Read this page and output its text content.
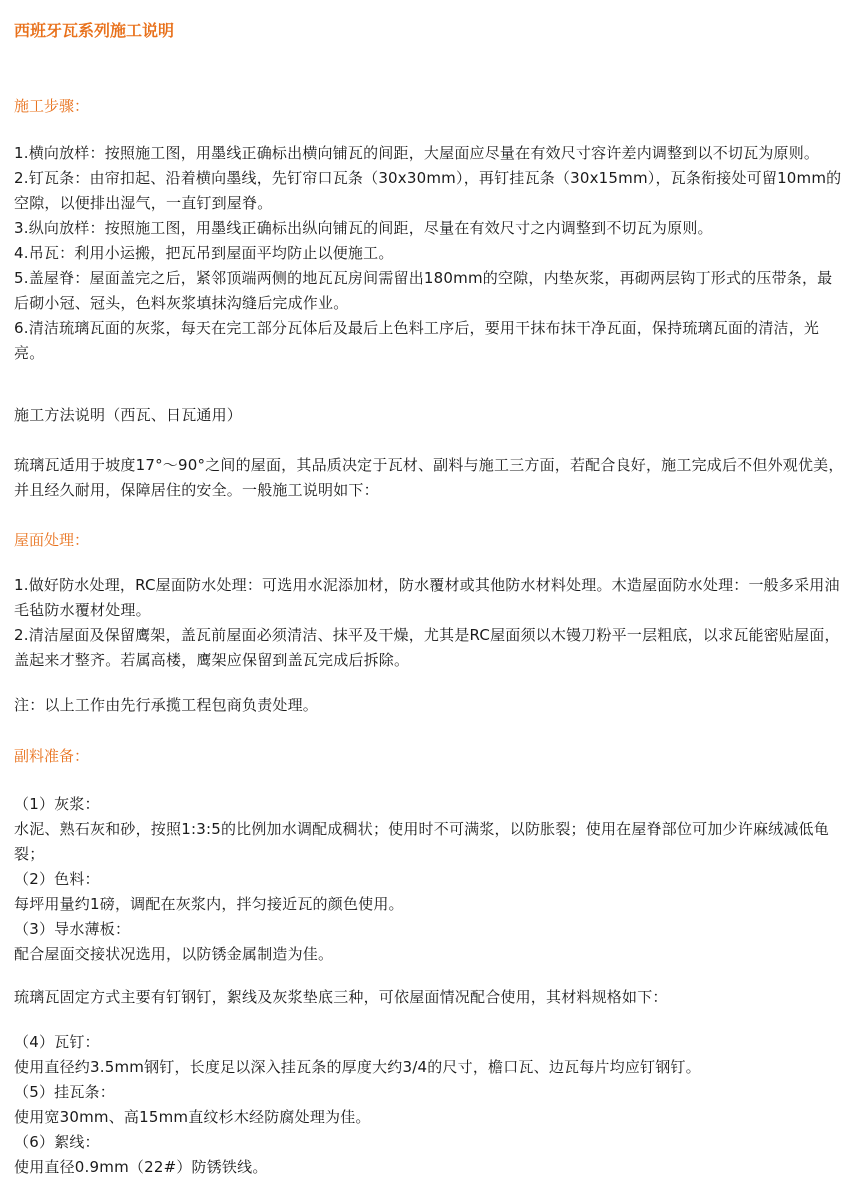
西班牙瓦系列施工说明
施工步骤：

1.横向放样：按照施工图，用墨线正确标出横向铺瓦的间距，大屋面应尽量在有效尺寸容许差内调整到以不切瓦为原则。

2.钉瓦条：由帘扣起、沿着横向墨线，先钉帘口瓦条（30x30mm），再钉挂瓦条（30x15mm），瓦条衔接处可留10mm的空隙，以便排出湿气，一直钉到屋脊。

3.纵向放样：按照施工图，用墨线正确标出纵向铺瓦的间距，尽量在有效尺寸之内调整到不切瓦为原则。

4.吊瓦：利用小运搬，把瓦吊到屋面平均防止以便施工。

5.盖屋脊：屋面盖完之后，紧邻顶端两侧的地瓦瓦房间需留出180mm的空隙，内垫灰浆，再砌两层钩丁形式的压带条，最后砌小冠、冠头，色料灰浆填抹沟缝后完成作业。

6.清洁琉璃瓦面的灰浆，每天在完工部分瓦体后及最后上色料工序后，要用干抹布抹干净瓦面，保持琉璃瓦面的清洁，光亮。

施工方法说明（西瓦、日瓦通用）
琉璃瓦适用于坡度17°～90°之间的屋面，其品质决定于瓦材、副料与施工三方面，若配合良好，施工完成后不但外观优美，并且经久耐用，保障居住的安全。一般施工说明如下：
屋面处理：

1.做好防水处理，RC屋面防水处理：可选用水泥添加材，防水覆材或其他防水材料处理。木造屋面防水处理：一般多采用油毛毡防水覆材处理。

2.清洁屋面及保留鹰架，盖瓦前屋面必须清洁、抹平及干燥，尤其是RC屋面须以木镘刀粉平一层粗底，以求瓦能密贴屋面，盖起来才整齐。若属高楼，鹰架应保留到盖瓦完成后拆除。

注：以上工作由先行承揽工程包商负责处理。
副料准备：

（1）灰浆：

水泥、熟石灰和砂，按照1:3:5的比例加水调配成稠状；使用时不可满浆，以防胀裂；使用在屋脊部位可加少许麻绒减低龟裂；

（2）色料：

每坪用量约1磅，调配在灰浆内，拌匀接近瓦的颜色使用。

（3）导水薄板：

配合屋面交接状况选用，以防锈金属制造为佳。

琉璃瓦固定方式主要有钉钢钉，絮线及灰浆垫底三种，可依屋面情况配合使用，其材料规格如下：

（4）瓦钉：

使用直径约3.5mm钢钉，长度足以深入挂瓦条的厚度大约3/4的尺寸，檐口瓦、边瓦每片均应钉钢钉。

（5）挂瓦条：

使用宽30mm、高15mm直纹杉木经防腐处理为佳。

（6）絮线：

使用直径0.9mm（22#）防锈铁线。
